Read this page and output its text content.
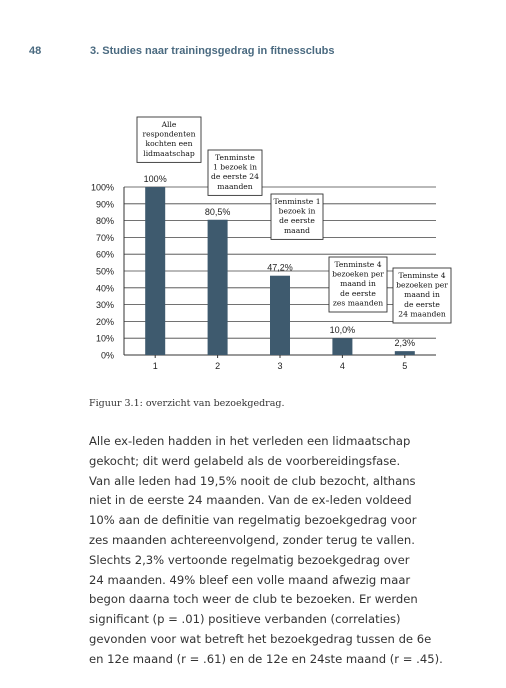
48	3. Studies naar trainingsgedrag in fitnessclubs
0%
10%
20%
30%
40%
50%
60%
70%
80%
90%
100%
100%
1
80,5%
2
47,2%
3
10,0%
4
2,3%
5
Alle
respondenten
kochten een
lidmaatschap	Tenminste
1 bezoek in
de eerste 24
maanden
Tenminste 1
bezoek in
de eerste
maand
Tenminste 4
bezoeken per
maand in
de eerste
zes maanden
Tenminste 4
bezoeken per
maand in
de eerste
24 maanden
Figuur 3.1: overzicht van bezoekgedrag.

Alle ex-leden hadden in het verleden een lidmaatschap
gekocht; dit werd gelabeld als de voorbereidingsfase.
Van alle leden had 19,5% nooit de club bezocht, althans
niet in de eerste 24 maanden. Van de ex-leden voldeed
10% aan de definitie van regelmatig bezoekgedrag voor
zes maanden achtereenvolgend, zonder terug te vallen.
Slechts 2,3% vertoonde regelmatig bezoekgedrag over
24 maanden. 49% bleef een volle maand afwezig maar
begon daarna toch weer de club te bezoeken. Er werden
significant (p = .01) positieve verbanden (correlaties)
gevonden voor wat betreft het bezoekgedrag tussen de 6e
en 12e maand (r = .61) en de 12e en 24ste maand (r = .45).
